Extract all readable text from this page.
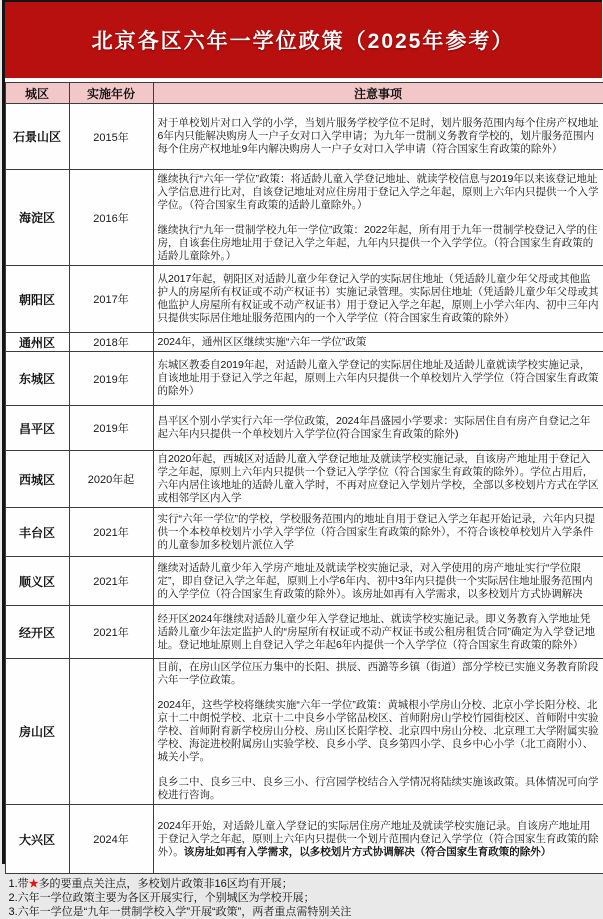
北京各区六年一学位政策（2025年参考）
城区	实施年份	注意事项
石景山区	2015年	对于单校划片对口入学的小学，当划片服务学校学位不足时，划片服务范围内每个住房产权地址6年内只能解决购房人一户子女对口入学申请；为九年一贯制义务教育学校的，划片服务范围内每个住房产权地址9年内解决购房人一户子女对口入学申请（符合国家生育政策的除外）

海淀区	2016年	继续执行“六年一学位”政策：将适龄儿童入学登记地址、就读学校信息与2019年以来该登记地址入学信息进行比对，自该登记地址对应住房用于登记入学之年起，原则上六年内只提供一个入学学位。（符合国家生育政策的适龄儿童除外。）

继续执行“九年一贯制学校九年一学位”政策：2022年起，所有用于九年一贯制学校登记入学的住房，自该套住房地址用于登记入学之年起，九年内只提供一个入学学位。（符合国家生育政策的适龄儿童除外。）

朝阳区	2017年	从2017年起，朝阳区对适龄儿童少年登记入学的实际居住地址（凭适龄儿童少年父母或其他监护人的房屋所有权证或不动产权证书）实施记录管理。实际居住地址（凭适龄儿童少年父母或其他监护人房屋所有权证或不动产权证书）用于登记入学之年起，原则上小学六年内、初中三年内只提供实际居住地址服务范围内的一个入学学位（符合国家生育政策的除外）

通州区	2018年	2024年，通州区区继续实施“六年一学位”政策

东城区	2019年	东城区教委自2019年起，对适龄儿童入学登记的实际居住地址及适龄儿童就读学校实施记录，自该地址用于登记入学之年起，原则上六年内只提供一个单校划片入学学位（符合国家生育政策的除外）

昌平区	2019年	昌平区个别小学实行六年一学位政策，2024年昌盛园小学要求：实际居住自有房产自登记之年起六年内只提供一个单校划片入学学位(符合国家生育政策的除外)

西城区	2020年起	自2020年起，西城区对适龄儿童入学登记地址及就读学校实施记录，自该房产地址用于登记入学之年起，原则上六年内只提供一个登记入学学位（符合国家生育政策的除外）。学位占用后，六年内居住该地址的适龄儿童入学时，不再对应登记入学划片学校，全部以多校划片方式在学区或相邻学区内入学

丰台区	2021年	实行“六年一学位”的学校，学校服务范围内的地址自用于登记入学之年起开始记录，六年内只提供一个本校单校划片小学入学学位（符合国家生育政策的除外），不符合该校单校划片入学条件的儿童参加多校划片派位入学

顺义区	2021年	继续对适龄儿童少年入学房产地址及就读学校实施记录，对入学使用的房产地址实行“学位限定”，即自登记入学之年起，原则上小学6年内、初中3年内只提供一个实际居住地址服务范围内的入学学位（符合国家生育政策的除外）。该房址如再有入学需求，以多校划片方式协调解决

经开区	2021年	经开区2024年继续对适龄儿童少年入学登记地址、就读学校实施记录。即义务教育入学地址凭适龄儿童少年法定监护人的“房屋所有权证或不动产权证书或公租房租赁合同”确定为入学登记地址。登记地址原则上自登记入学之年起6年内提供一个入学学位（符合国家生育政策的除外）

房山区		目前，在房山区学位压力集中的长阳、拱辰、西潞等乡镇（街道）部分学校已实施义务教育阶段六年一学位政策。

2024年，这些学校将继续实施“六年一学位”政策：黄城根小学房山分校、北京小学长阳分校、北京十二中朗悦学校、北京十二中良乡小学铭品校区、首师附房山学校竹园街校区、首师附中实验学校、首师附育新学校房山分校、房山区长阳学校、北京四中房山分校、北京理工大学附属实验学校、海淀进校附属房山实验学校、良乡小学、良乡第四小学、良乡中心小学（北工商附小）、城关小学。

良乡二中、良乡三中、良乡三小、行宫园学校结合入学情况将陆续实施该政策。具体情况可向学校进行咨询。

大兴区	2024年	2024年开始，对适龄儿童入学登记的实际居住房产地址及就读学校实施记录。自该房产地址用于登记入学之年起，原则上六年内只提供一个划片范围内登记入学学位（符合国家生育政策的除外）。该房址如再有入学需求，以多校划片方式协调解决（符合国家生育政策的除外）

1.带★多的要重点关注点，多校划片政策非16区均有开展；
2.六年一学位政策主要为各区开展实行，个别城区为学校开展；
3.六年一学位是“九年一贯制学校入学”开展“政策”，两者重点需特别关注
